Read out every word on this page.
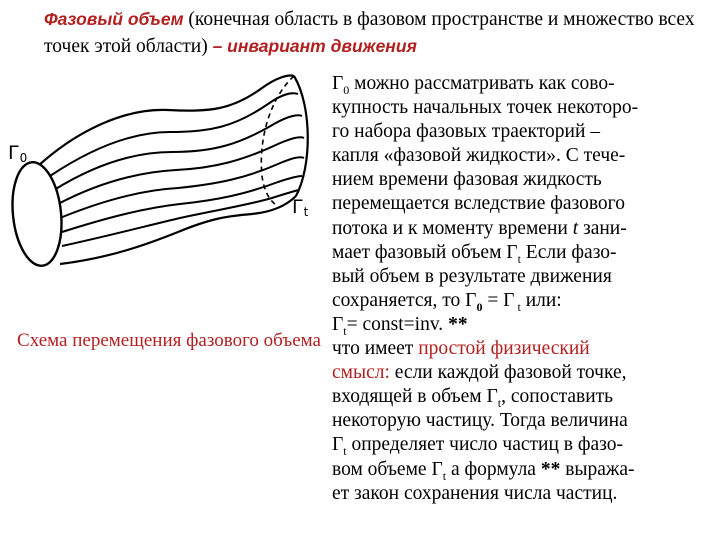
Фазовый объем (конечная область в фазовом пространстве и множество всех точек этой области) – инвариант движения
Г0
Гt
Схема перемещения фазового объема
$Г_0$ можно рассматривать как сово-
купность начальных точек некоторо-
го набора фазовых траекторий –
капля «фазовой жидкости». С тече-
нием времени фазовая жидкость
перемещается вследствие фазового
потока и к моменту времени t зани-
мает фазовый объем $Г_t$ Если фазо-
вый объем в результате движения
сохраняется, то $Г_0 = Г$ $_t$ или:
$Г_t=$ const=inv. **
что имеет простой физический
смысл: если каждой фазовой точке,
входящей в объем $Г_t$, сопоставить
некоторую частицу. Тогда величина
$Г_t$ определяет число частиц в фазо-
вом объеме $Г_t$ а формула ** выража-
ет закон сохранения числа частиц.
